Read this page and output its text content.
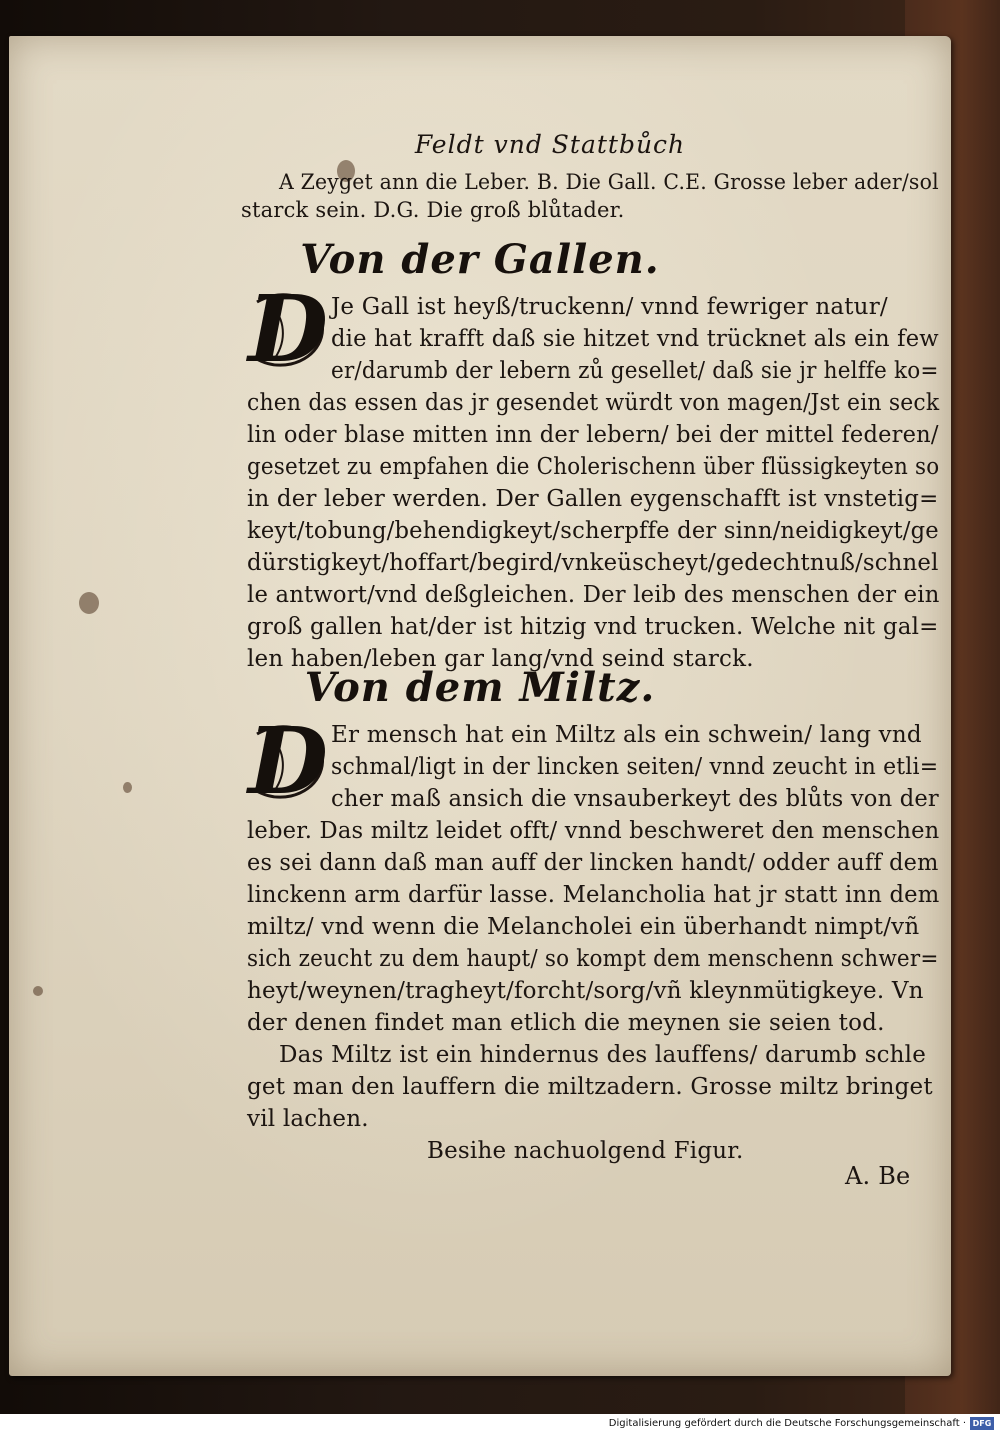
Feldt vnd Stattbůch
A Zeyget ann die Leber. B. Die Gall. C.E. Grosse leber ader/sol
starck sein. D.G. Die groß blůtader.
Von der Gallen.
D Je Gall ist heyß/truckenn/ vnnd fewriger natur/
die hat krafft daß sie hitzet vnd trücknet als ein few
er/darumb der lebern zů gesellet/ daß sie jr helffe ko=
chen das essen das jr gesendet würdt von magen/Jst ein seck
lin oder blase mitten inn der lebern/ bei der mittel federen/
gesetzet zu empfahen die Cholerischenn über flüssigkeyten so
in der leber werden. Der Gallen eygenschafft ist vnstetig=
keyt/tobung/behendigkeyt/scherpffe der sinn/neidigkeyt/ge
dürstigkeyt/hoffart/begird/vnkeüscheyt/gedechtnuß/schnel
le antwort/vnd deßgleichen. Der leib des menschen der ein
groß gallen hat/der ist hitzig vnd trucken. Welche nit gal=
len haben/leben gar lang/vnd seind starck.
Von dem Miltz.
D Er mensch hat ein Miltz als ein schwein/ lang vnd
schmal/ligt in der lincken seiten/ vnnd zeucht in etli=
cher maß ansich die vnsauberkeyt des blůts von der
leber. Das miltz leidet offt/ vnnd beschweret den menschen
es sei dann daß man auff der lincken handt/ odder auff dem
linckenn arm darfür lasse. Melancholia hat jr statt inn dem
miltz/ vnd wenn die Melancholei ein überhandt nimpt/vñ
sich zeucht zu dem haupt/ so kompt dem menschenn schwer=
heyt/weynen/tragheyt/forcht/sorg/vñ kleynmütigkeye. Vn
der denen findet man etlich die meynen sie seien tod.
Das Miltz ist ein hindernus des lauffens/ darumb schle
get man den lauffern die miltzadern. Grosse miltz bringet
vil lachen.
Besihe nachuolgend Figur.
A. Be
Digitalisierung gefördert durch die Deutsche Forschungsgemeinschaft · DFG
